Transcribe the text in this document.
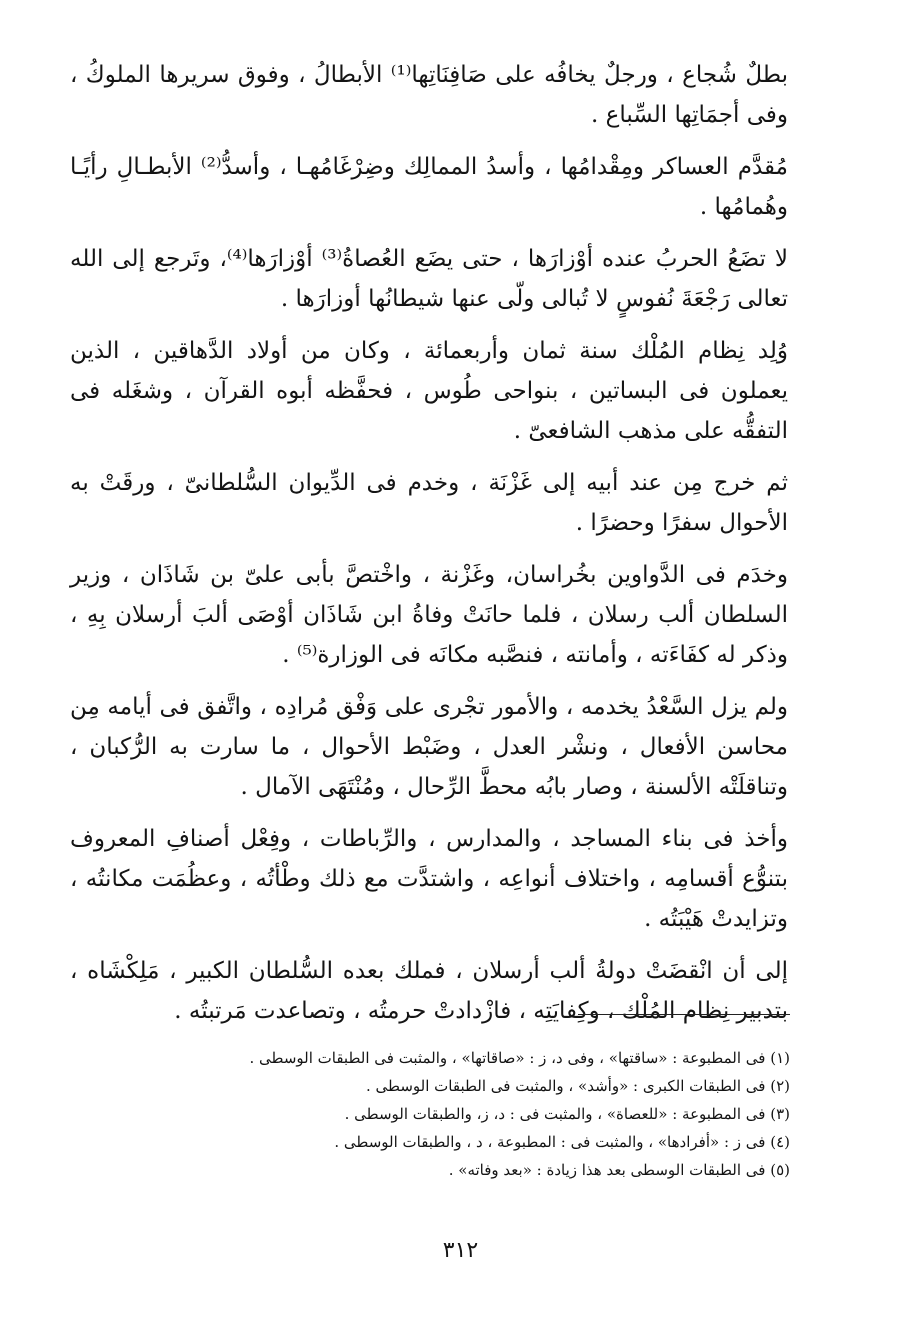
بطلٌ شُجاع ، ورجلٌ يخافُه على صَافِنَاتِها⁽¹⁾ الأبطالُ ، وفوق سريرها الملوكُ ، وفى أجمَاتِها السِّباع .

مُقدَّم العساكر ومِقْدامُها ، وأسدُ الممالِك وضِرْغَامُهـا ، وأسدُّ⁽²⁾ الأبطـالِ رأيًـا وهُمامُها .

لا تضَعُ الحربُ عنده أوْزارَها ، حتى يضَع العُصاةُ⁽³⁾ أوْزارَها⁽⁴⁾، وتَرجع إلى الله تعالى رَجْعَةَ نُفوسٍ لا تُبالى ولّى عنها شيطانُها أوزارَها .

وُلِد نِظام المُلْك سنة ثمان وأربعمائة ، وكان من أولاد الدَّهاقين ، الذين يعملون فى البساتين ، بنواحى طُوس ، فحفَّظه أبوه القرآن ، وشغَله فى التفقُّه على مذهب الشافعىّ .

ثم خرج مِن عند أبيه إلى غَزْنَة ، وخدم فى الدِّيوان السُّلطانىّ ، ورقَتْ به الأحوال سفرًا وحضرًا .

وخدَم فى الدَّواوين بخُراسان، وغَزْنة ، واخْتصَّ بأبى علىّ بن شَاذَان ، وزير السلطان ألب رسلان ، فلما حانَتْ وفاةُ ابن شَاذَان أوْصَى ألبَ أرسلان بِهِ ، وذكر له كفَاءَته ، وأمانته ، فنصَّبه مكانَه فى الوزارة⁽⁵⁾ .

ولم يزل السَّعْدُ يخدمه ، والأمور تجْرى على وَفْق مُرادِه ، واتَّفق فى أيامه مِن محاسن الأفعال ، ونشْر العدل ، وضَبْط الأحوال ، ما سارت به الرُّكبان ، وتناقلَتْه الألسنة ، وصار بابُه محطَّ الرِّحال ، ومُنْتَهَى الآمال .

وأخذ فى بناء المساجد ، والمدارس ، والرِّباطات ، وفِعْل أصنافِ المعروف بتنوُّع أقسامِه ، واختلاف أنواعِه ، واشتدَّت مع ذلك وطْأتُه ، وعظُمَت مكانتُه ، وتزايدتْ هَيْبَتُه .

إلى أن انْقضَتْ دولةُ ألب أرسلان ، فملك بعده السُّلطان الكبير ، مَلِكْشَاه ، بتدبير نِظام المُلْك ، وكِفايَتِه ، فازْدادتْ حرمتُه ، وتصاعدت مَرتبتُه .

(١) فى المطبوعة : «ساقتها» ، وفى د، ز : «صاقاتها» ، والمثبت فى الطبقات الوسطى .

(٢) فى الطبقات الكبرى : «وأشد» ، والمثبت فى الطبقات الوسطى .

(٣) فى المطبوعة : «للعصاة» ، والمثبت فى : د، ز، والطبقات الوسطى .

(٤) فى ز : «أفرادها» ، والمثبت فى : المطبوعة ، د ، والطبقات الوسطى .

(٥) فى الطبقات الوسطى بعد هذا زيادة : «بعد وفاته» .

٣١٢
